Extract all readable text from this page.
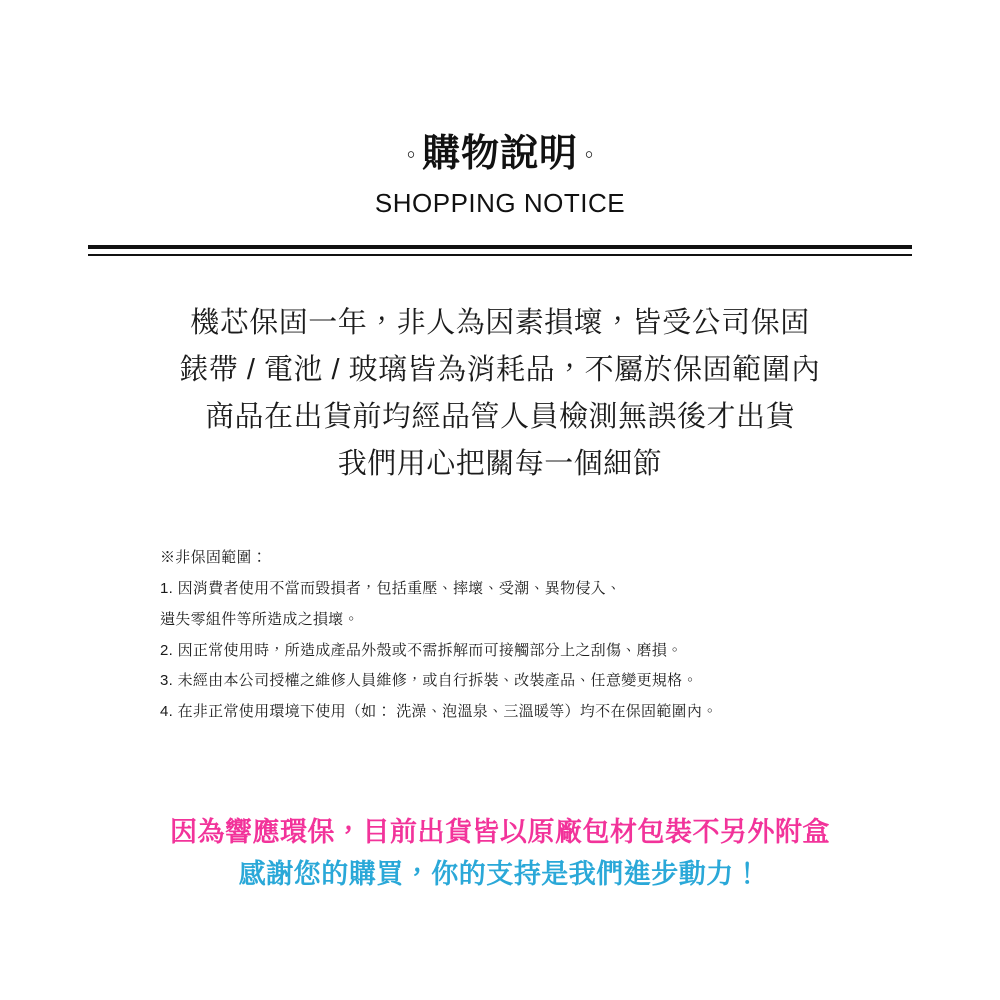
。購物說明。
SHOPPING NOTICE
機芯保固一年，非人為因素損壞，皆受公司保固
錶帶 / 電池 / 玻璃皆為消耗品，不屬於保固範圍內
商品在出貨前均經品管人員檢測無誤後才出貨
我們用心把關每一個細節
※非保固範圍：
1. 因消費者使用不當而毀損者，包括重壓、摔壞、受潮、異物侵入、
遺失零組件等所造成之損壞。
2. 因正常使用時，所造成產品外殼或不需拆解而可接觸部分上之刮傷、磨損。
3. 未經由本公司授權之維修人員維修，或自行拆裝、改裝產品、任意變更規格。
4. 在非正常使用環境下使用（如： 洗澡、泡溫泉、三溫暖等）均不在保固範圍內。
因為響應環保，目前出貨皆以原廠包材包裝不另外附盒
感謝您的購買，你的支持是我們進步動力！
